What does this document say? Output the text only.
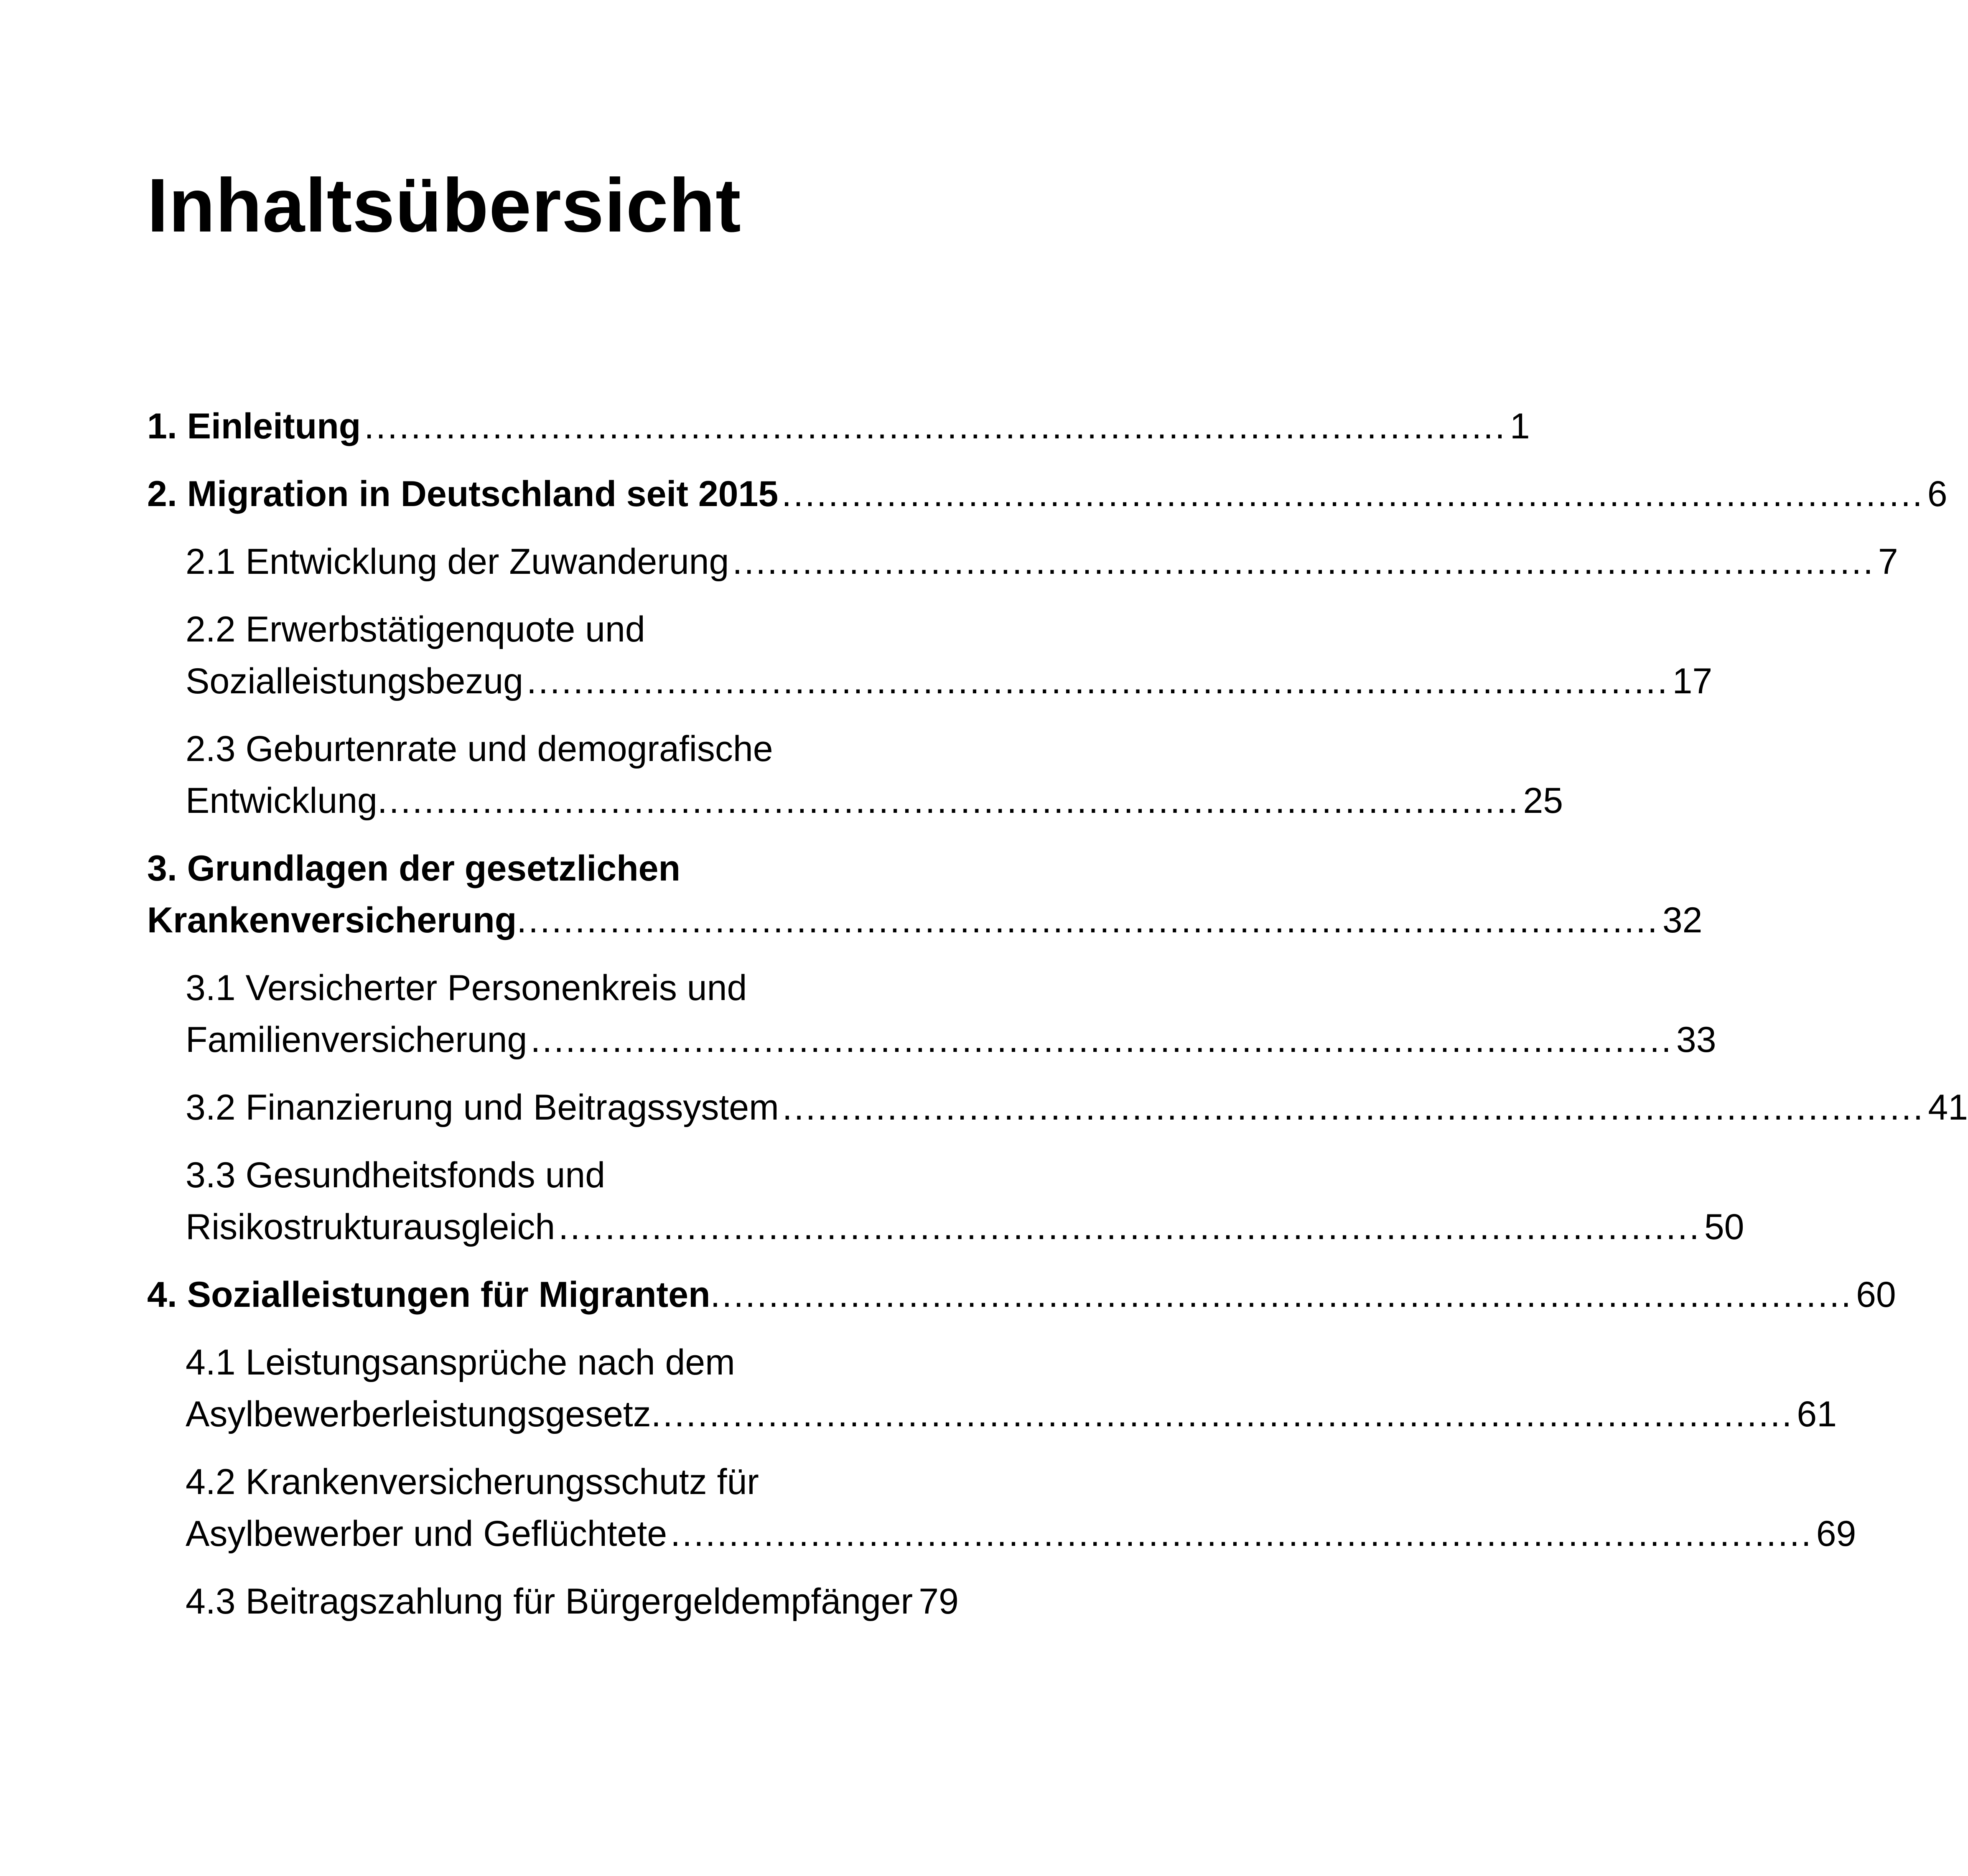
Inhaltsübersicht
1. Einleitung .................................................................................................. 1
2. Migration in Deutschland seit 2015 .................................................................................................. 6
2.1 Entwicklung der Zuwanderung .................................................................................................. 7
2.2 Erwerbstätigenquote und
Sozialleistungsbezug .................................................................................................. 17
2.3 Geburtenrate und demografische
Entwicklung .................................................................................................. 25
3. Grundlagen der gesetzlichen
Krankenversicherung .................................................................................................. 32
3.1 Versicherter Personenkreis und
Familienversicherung .................................................................................................. 33
3.2 Finanzierung und Beitragssystem .................................................................................................. 41
3.3 Gesundheitsfonds und
Risikostrukturausgleich .................................................................................................. 50
4. Sozialleistungen für Migranten .................................................................................................. 60
4.1 Leistungsansprüche nach dem
Asylbewerberleistungsgesetz .................................................................................................. 61
4.2 Krankenversicherungsschutz für
Asylbewerber und Geflüchtete .................................................................................................. 69
4.3 Beitragszahlung für Bürgergeldempfänger 79
